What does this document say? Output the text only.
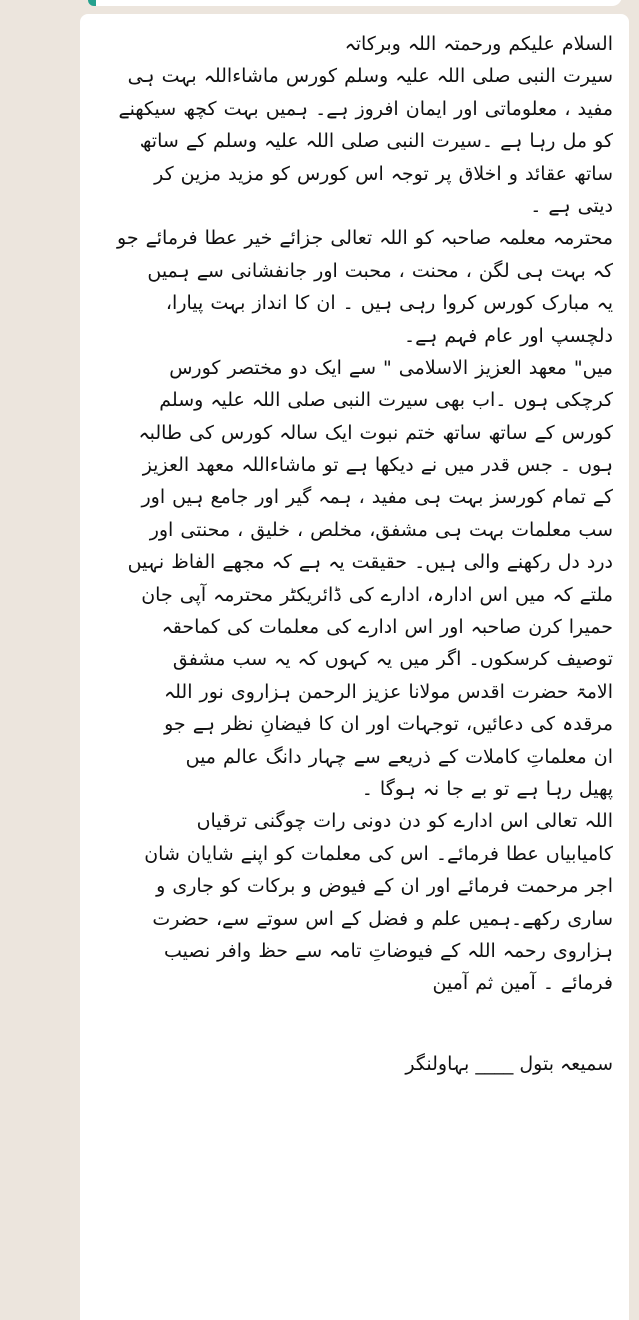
السلام علیکم ورحمتہ اللہ وبرکاتہ
سیرت النبی صلی اللہ علیہ وسلم کورس ماشاءاللہ بہت ہی
مفید ، معلوماتی اور ایمان افروز ہے۔ ہمیں بہت کچھ سیکھنے
کو مل رہا ہے ۔سیرت النبی صلی اللہ علیہ وسلم کے ساتھ
ساتھ عقائد و اخلاق پر توجہ اس کورس کو مزید مزین کر
دیتی ہے ۔
محترمہ معلمہ صاحبہ کو اللہ تعالی جزائے خیر عطا فرمائے جو
کہ بہت ہی لگن ، محنت ، محبت اور جانفشانی سے ہمیں
یہ مبارک کورس کروا رہی ہیں ۔ ان کا انداز بہت پیارا،
دلچسپ اور عام فہم ہے۔
میں" معھد العزیز الاسلامی " سے ایک دو مختصر کورس
کرچکی ہوں ۔اب بھی سیرت النبی صلی اللہ علیہ وسلم
کورس کے ساتھ ساتھ ختم نبوت ایک سالہ کورس کی طالبہ
ہوں ۔ جس قدر میں نے دیکھا ہے تو ماشاءاللہ معھد العزیز
کے تمام کورسز بہت ہی مفید ، ہمہ گیر اور جامع ہیں اور
سب معلمات بہت ہی مشفق، مخلص ، خلیق ، محنتی اور
درد دل رکھنے والی ہیں۔ حقیقت یہ ہے کہ مجھے الفاظ نہیں
ملتے کہ میں اس ادارہ، ادارے کی ڈائریکٹر محترمہ آپی جان
حمیرا کرن صاحبہ اور اس ادارے کی معلمات کی کماحقہ
توصیف کرسکوں۔ اگر میں یہ کہوں کہ یہ سب مشفق
الامۃ حضرت اقدس مولانا عزیز الرحمن ہزاروی نور اللہ
مرقدہ کی دعائیں، توجہات اور ان کا فیضانِ نظر ہے جو
ان معلماتِ کاملات کے ذریعے سے چہار دانگ عالم میں
پھیل رہا ہے تو بے جا نہ ہوگا ۔
اللہ تعالی اس ادارے کو دن دونی رات چوگنی ترقیاں
کامیابیاں عطا فرمائے۔ اس کی معلمات کو اپنے شایان شان
اجر مرحمت فرمائے اور ان کے فیوض و برکات کو جاری و
ساری رکھے۔ہمیں علم و فضل کے اس سوتے سے، حضرت
ہزاروی رحمہ اللہ کے فیوضاتِ تامہ سے حظ وافر نصیب
فرمائے ۔ آمین ثم آمین
سمیعہ بتول ____ بہاولنگر
